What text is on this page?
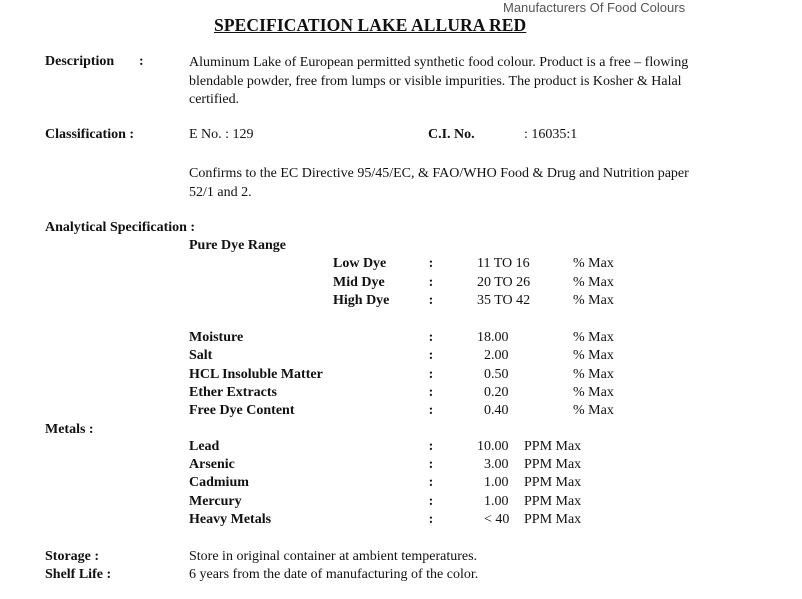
Manufacturers Of Food Colours
SPECIFICATION LAKE ALLURA RED
Description :	Aluminum Lake of European permitted synthetic food colour. Product is a free – flowing blendable powder, free from lumps or visible impurities. The product is Kosher & Halal certified.
Classification :	E No. : 129	C.I. No.	: 16035:1
Confirms to the EC Directive 95/45/EC, & FAO/WHO Food & Drug and Nutrition paper 52/1 and 2.
Analytical Specification :
Pure Dye Range
Low Dye	:	11 TO 16	% Max
Mid Dye	:	20 TO 26	% Max
High Dye	:	35 TO 42	% Max
Moisture	:	18.00	% Max
Salt	:	2.00	% Max
HCL Insoluble Matter	:	0.50	% Max
Ether Extracts	:	0.20	% Max
Free Dye Content	:	0.40	% Max
Metals :
Lead	:	10.00 PPM Max
Arsenic	:	3.00 PPM Max
Cadmium	:	1.00 PPM Max
Mercury	:	1.00 PPM Max
Heavy Metals	:	< 40 PPM Max
Storage :	Store in original container at ambient temperatures.
Shelf Life :	6 years from the date of manufacturing of the color.
